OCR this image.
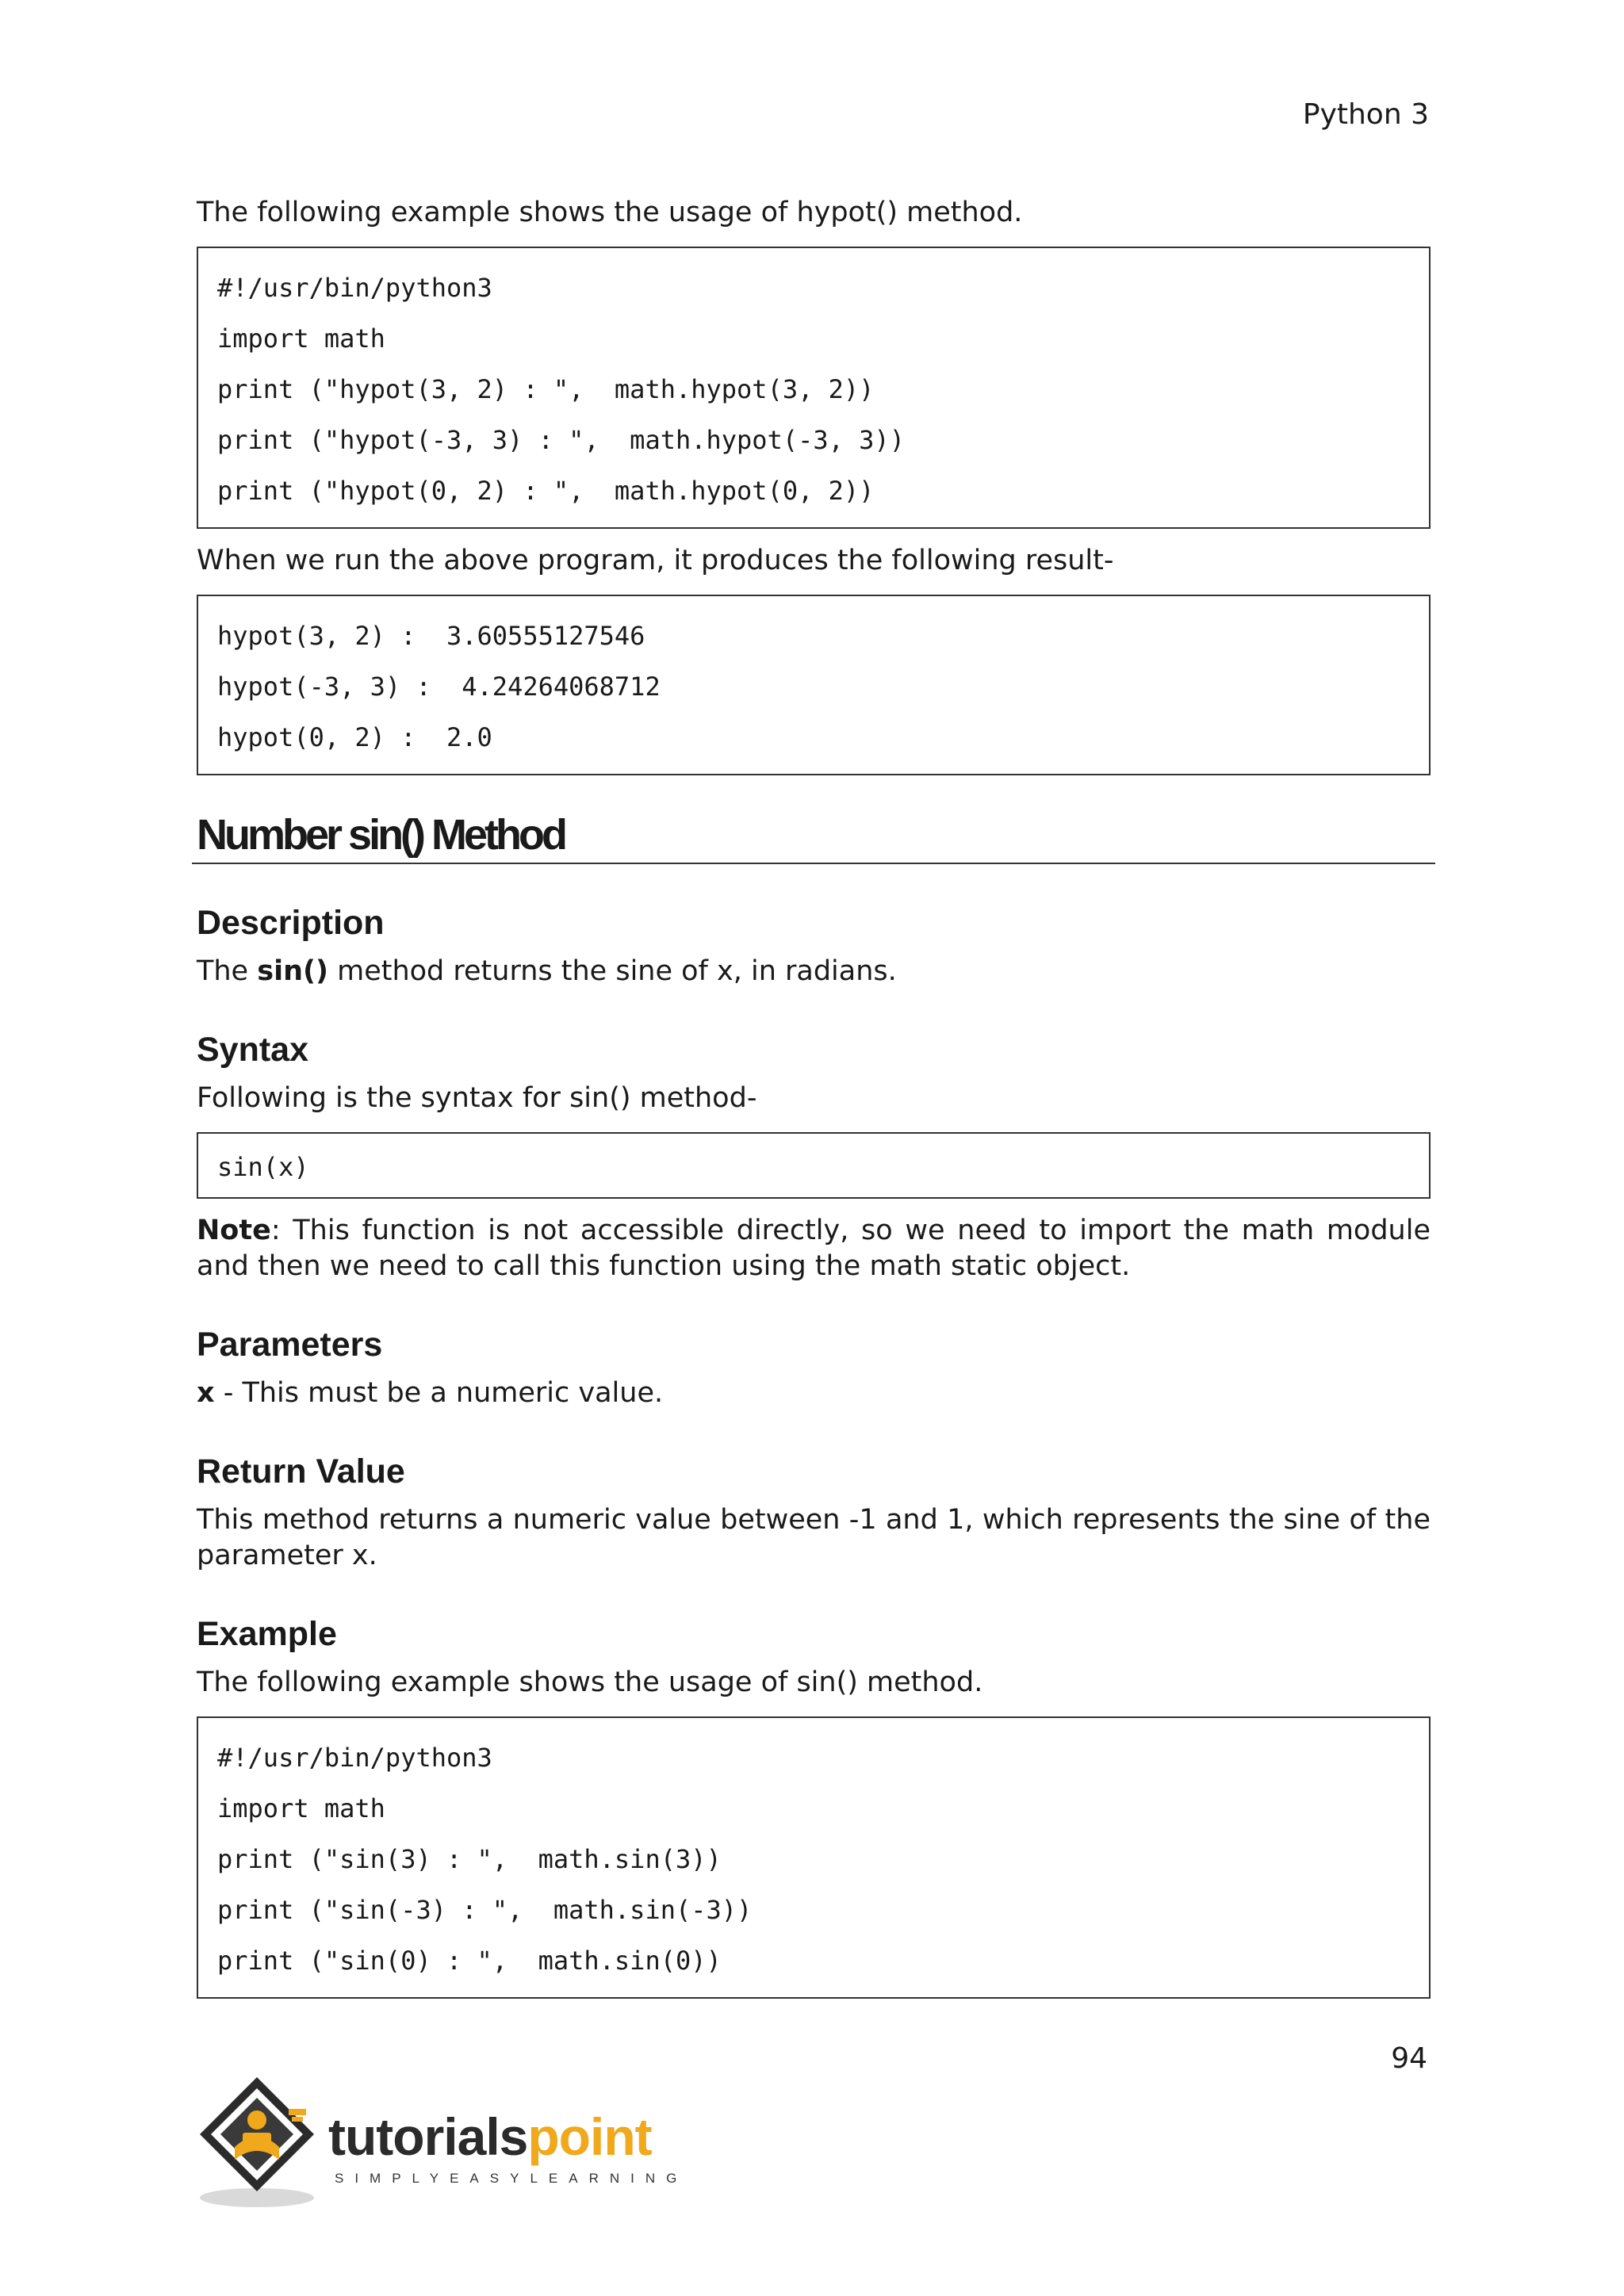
Python 3

The following example shows the usage of hypot() method.

#!/usr/bin/python3
import math
print ("hypot(3, 2) : ",  math.hypot(3, 2))
print ("hypot(-3, 3) : ",  math.hypot(-3, 3))
print ("hypot(0, 2) : ",  math.hypot(0, 2))

When we run the above program, it produces the following result-

hypot(3, 2) :  3.60555127546
hypot(-3, 3) :  4.24264068712
hypot(0, 2) :  2.0
Number sin() Method
Description

The sin() method returns the sine of x, in radians.

Syntax

Following is the syntax for sin() method-

sin(x)

Note: This function is not accessible directly, so we need to import the math module and then we need to call this function using the math static object.

Parameters

x - This must be a numeric value.

Return Value

This method returns a numeric value between -1 and 1, which represents the sine of the parameter x.

Example

The following example shows the usage of sin() method.

#!/usr/bin/python3
import math
print ("sin(3) : ",  math.sin(3))
print ("sin(-3) : ",  math.sin(-3))
print ("sin(0) : ",  math.sin(0))
94
tutorialspoint
SIMPLYEASYLEARNING
